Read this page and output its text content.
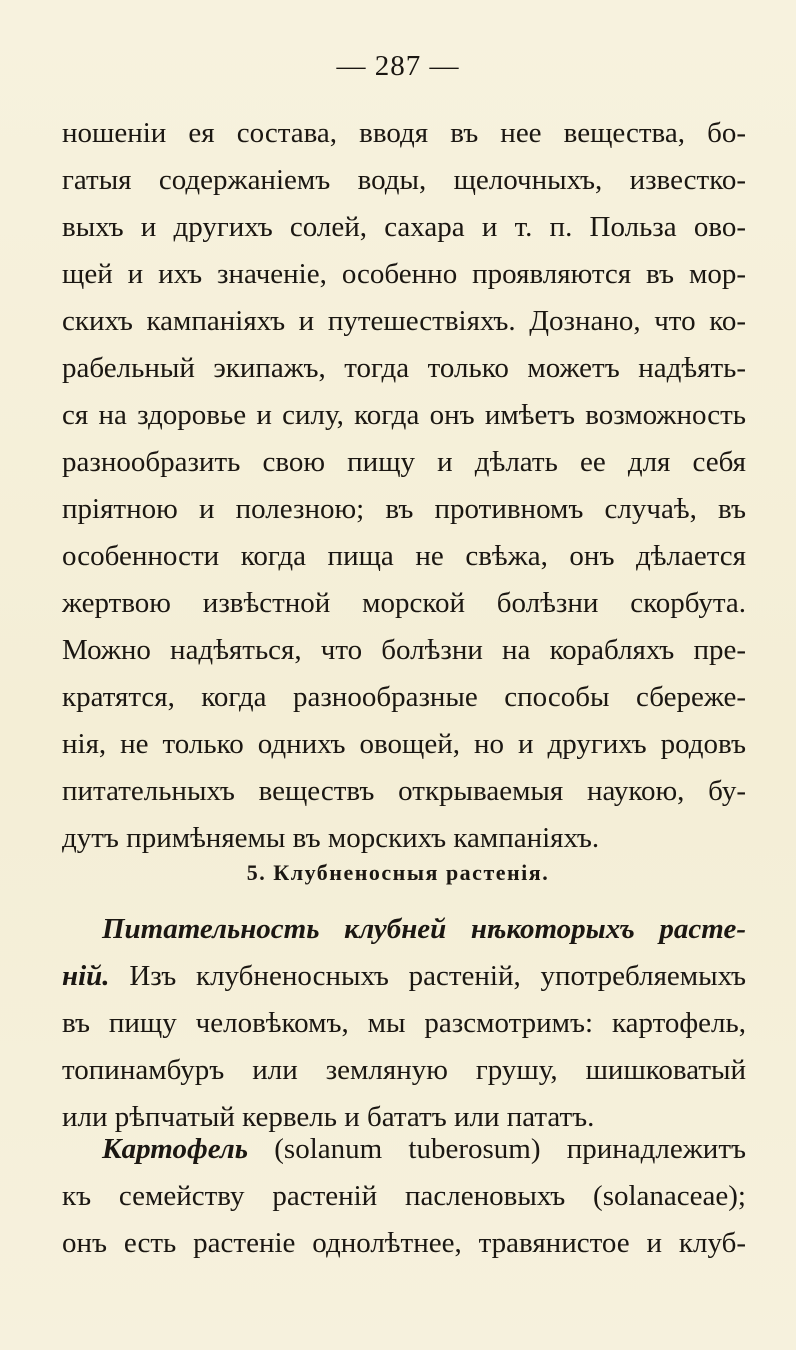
— 287 —
ношенiи ея состава, вводя въ нее вещества, бо-
гатыя содержанiемъ воды, щелочныхъ, известко-
выхъ и другихъ солей, сахара и т. п. Польза ово-
щей и ихъ значенiе, особенно проявляются въ мор-
скихъ кампанiяхъ и путешествiяхъ. Дознано, что ко-
рабельный экипажъ, тогда только можетъ надѣять-
ся на здоровье и силу, когда онъ имѣетъ возможность
разнообразить свою пищу и дѣлать ее для себя
прiятною и полезною; въ противномъ случаѣ, въ
особенности когда пища не свѣжа, онъ дѣлается
жертвою извѣстной морской болѣзни скорбута.
Можно надѣяться, что болѣзни на корабляхъ пре-
кратятся, когда разнообразные способы сбереже-
нiя, не только однихъ овощей, но и другихъ родовъ
питательныхъ веществъ открываемыя наукою, бу-
дутъ примѣняемы въ морскихъ кампанiяхъ.
5. Клубненосныя растенiя.
Питательность клубней нѣкоторыхъ расте-
нiй. Изъ клубненосныхъ растенiй, употребляемыхъ
въ пищу человѣкомъ, мы разсмотримъ: картофель,
топинамбуръ или земляную грушу, шишковатый
или рѣпчатый кервель и бататъ или пататъ.
Картофель (solanum tuberosum) принадлежитъ
къ семейству растенiй пасленовыхъ (solanaceae);
онъ есть растенiе однолѣтнее, травянистое и клуб-
